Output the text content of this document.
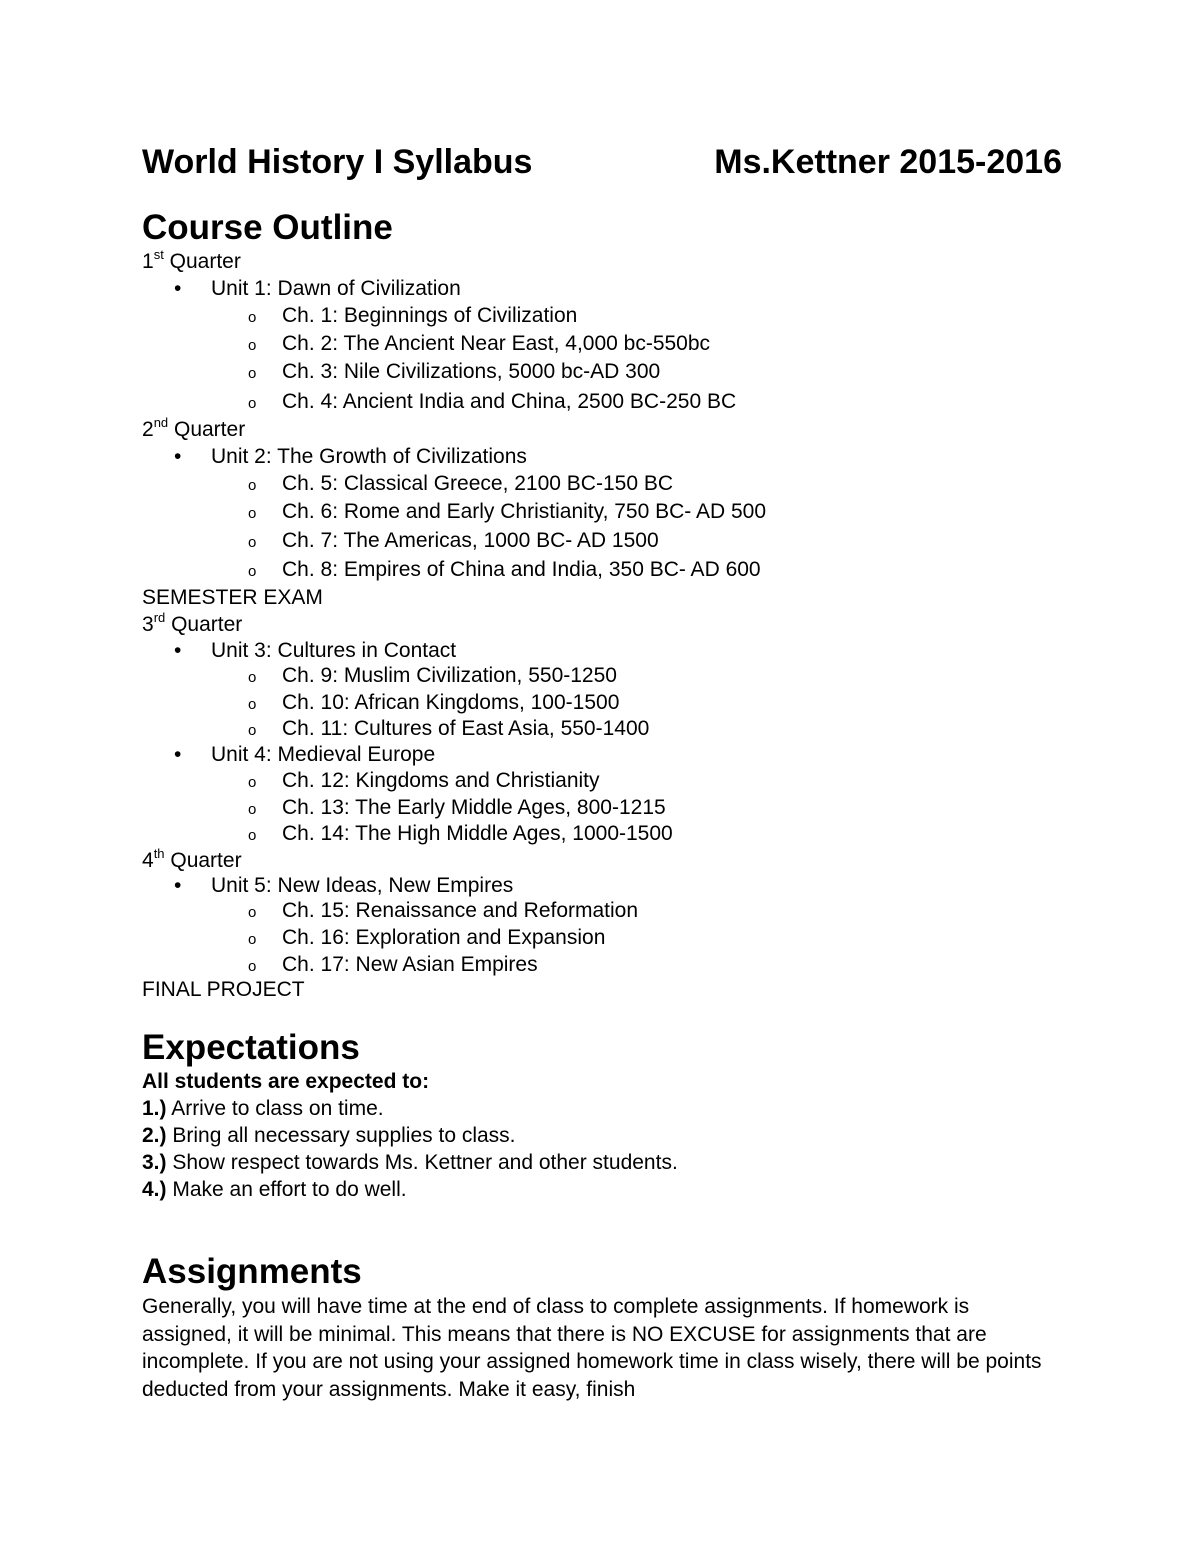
World History I Syllabus	Ms.Kettner 2015-2016
Course Outline
1st Quarter
• Unit 1: Dawn of Civilization
o Ch. 1: Beginnings of Civilization
o Ch. 2: The Ancient Near East, 4,000 bc-550bc
o Ch. 3: Nile Civilizations, 5000 bc-AD 300
o Ch. 4: Ancient India and China, 2500 BC-250 BC
2nd Quarter
• Unit 2: The Growth of Civilizations
o Ch. 5: Classical Greece, 2100 BC-150 BC
o Ch. 6: Rome and Early Christianity, 750 BC- AD 500
o Ch. 7: The Americas, 1000 BC- AD 1500
o Ch. 8: Empires of China and India, 350 BC- AD 600
SEMESTER EXAM
3rd Quarter
• Unit 3: Cultures in Contact
o Ch. 9: Muslim Civilization, 550-1250
o Ch. 10: African Kingdoms, 100-1500
o Ch. 11: Cultures of East Asia, 550-1400
• Unit 4: Medieval Europe
o Ch. 12: Kingdoms and Christianity
o Ch. 13: The Early Middle Ages, 800-1215
o Ch. 14: The High Middle Ages, 1000-1500
4th Quarter
• Unit 5: New Ideas, New Empires
o Ch. 15: Renaissance and Reformation
o Ch. 16: Exploration and Expansion
o Ch. 17: New Asian Empires
FINAL PROJECT
Expectations
All students are expected to:
1.) Arrive to class on time.
2.) Bring all necessary supplies to class.
3.) Show respect towards Ms. Kettner and other students.
4.) Make an effort to do well.
Assignments
Generally, you will have time at the end of class to complete assignments. If homework is assigned, it will be minimal. This means that there is NO EXCUSE for assignments that are incomplete. If you are not using your assigned homework time in class wisely, there will be points deducted from your assignments. Make it easy, finish
